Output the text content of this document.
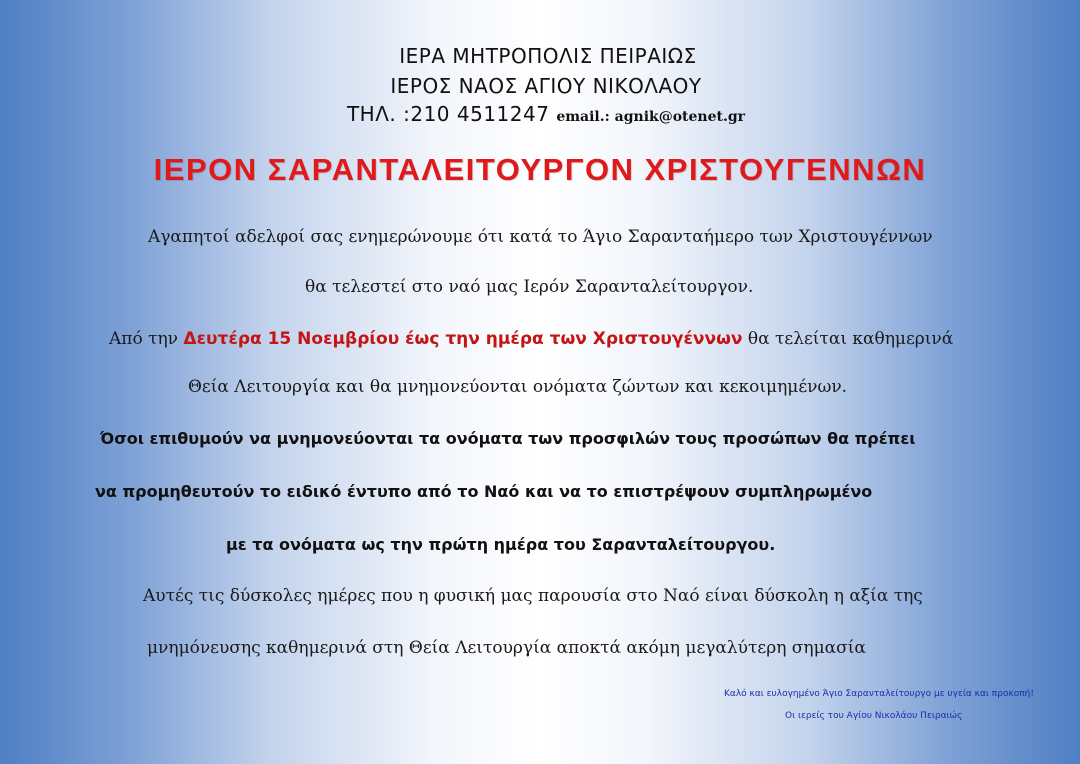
ΙΕΡΑ ΜΗΤΡΟΠΟΛΙΣ ΠΕΙΡΑΙΩΣ
ΙΕΡΟΣ ΝΑΟΣ ΑΓΙΟΥ ΝΙΚΟΛΑΟΥ
ΤΗΛ. :210 4511247 email.: agnik@otenet.gr
ΙΕΡΟΝ ΣΑΡΑΝΤΑΛΕΙΤΟΥΡΓΟΝ ΧΡΙΣΤΟΥΓΕΝΝΩΝ
Αγαπητοί αδελφοί σας ενημερώνουμε ότι κατά το Άγιο Σαρανταήμερο των Χριστουγέννων
θα τελεστεί στο ναό μας Ιερόν Σαρανταλείτουργον.
Από την Δευτέρα 15 Νοεμβρίου έως την ημέρα των Χριστουγέννων θα τελείται καθημερινά
Θεία Λειτουργία και θα μνημονεύονται ονόματα ζώντων και κεκοιμημένων.
Όσοι επιθυμούν να μνημονεύονται τα ονόματα των προσφιλών τους προσώπων θα πρέπει
να προμηθευτούν το ειδικό έντυπο από το Ναό και να το επιστρέψουν συμπληρωμένο
με τα ονόματα ως την πρώτη ημέρα του Σαρανταλείτουργου.
Αυτές τις δύσκολες ημέρες που η φυσική μας παρουσία στο Ναό είναι δύσκολη η αξία της
μνημόνευσης καθημερινά στη Θεία Λειτουργία αποκτά ακόμη μεγαλύτερη σημασία
Καλό και ευλογημένο Άγιο Σαρανταλείτουργο με υγεία και προκοπή!
Οι ιερείς του Αγίου Νικολάου Πειραιώς
